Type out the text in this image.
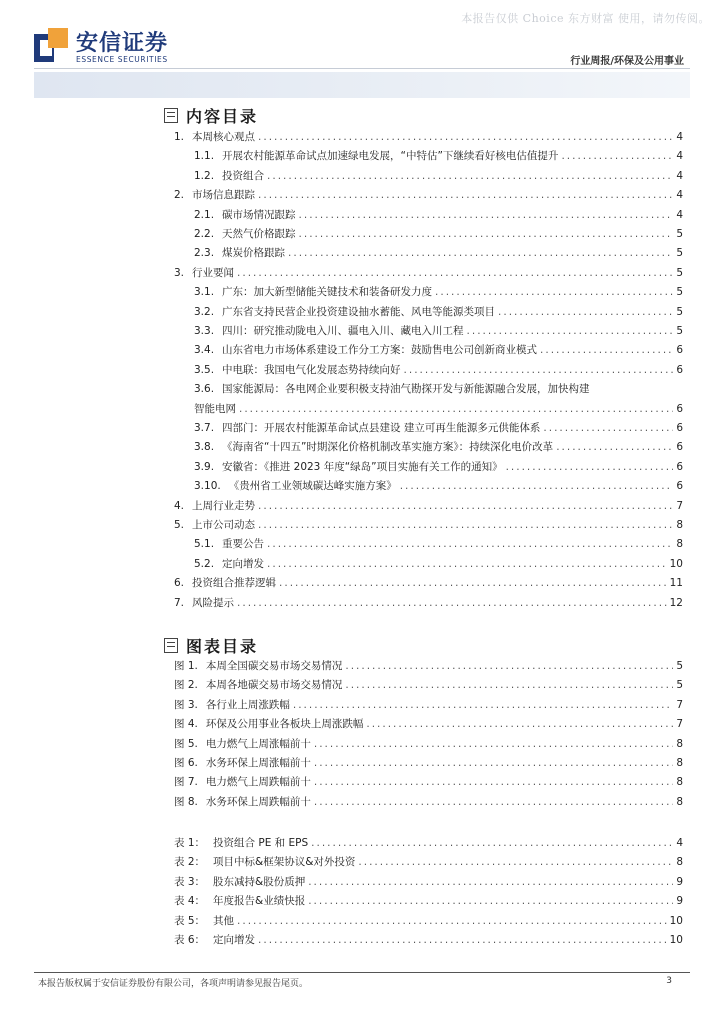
本报告仅供 Choice 东方财富 使用，请勿传阅。
安信证券
ESSENCE SECURITIES	行业周报/环保及公用事业
内容目录
1. 本周核心观点 .....	4
1.1. 开展农村能源革命试点加速绿电发展，“中特估”下继续看好核电估值提升 .....	4
1.2. 投资组合 .....	4
2. 市场信息跟踪 .....	4
2.1. 碳市场情况跟踪 .....	4
2.2. 天然气价格跟踪 .....	5
2.3. 煤炭价格跟踪 .....	5
3. 行业要闻 .....	5
3.1. 广东：加大新型储能关键技术和装备研发力度 .....	5
3.2. 广东省支持民营企业投资建设抽水蓄能、风电等能源类项目 .....	5
3.3. 四川：研究推动陇电入川、疆电入川、藏电入川工程 .....	5
3.4. 山东省电力市场体系建设工作分工方案：鼓励售电公司创新商业模式 .....	6
3.5. 中电联：我国电气化发展态势持续向好 .....	6
3.6. 国家能源局：各电网企业要积极支持油气勘探开发与新能源融合发展，加快构建
智能电网 .....	6
3.7. 四部门：开展农村能源革命试点县建设 建立可再生能源多元供能体系 .....	6
3.8. 《海南省“十四五”时期深化价格机制改革实施方案》：持续深化电价改革 .....	6
3.9. 安徽省：《推进 2023 年度“绿岛”项目实施有关工作的通知》 .....	6
3.10. 《贵州省工业领域碳达峰实施方案》 .....	6
4. 上周行业走势 .....	7
5. 上市公司动态 .....	8
5.1. 重要公告 .....	8
5.2. 定向增发 .....	10
6. 投资组合推荐逻辑 .....	11
7. 风险提示 .....	12
图表目录
图 1. 本周全国碳交易市场交易情况 .....	5
图 2. 本周各地碳交易市场交易情况 .....	5
图 3. 各行业上周涨跌幅 .....	7
图 4. 环保及公用事业各板块上周涨跌幅 .....	7
图 5. 电力燃气上周涨幅前十 .....	8
图 6. 水务环保上周涨幅前十 .....	8
图 7. 电力燃气上周跌幅前十 .....	8
图 8. 水务环保上周跌幅前十 .....	8
表 1： 投资组合 PE 和 EPS .....	4
表 2： 项目中标&框架协议&对外投资 .....	8
表 3： 股东减持&股份质押 .....	9
表 4： 年度报告&业绩快报 .....	9
表 5： 其他 .....	10
表 6： 定向增发 .....	10
本报告版权属于安信证券股份有限公司，各项声明请参见报告尾页。	3
